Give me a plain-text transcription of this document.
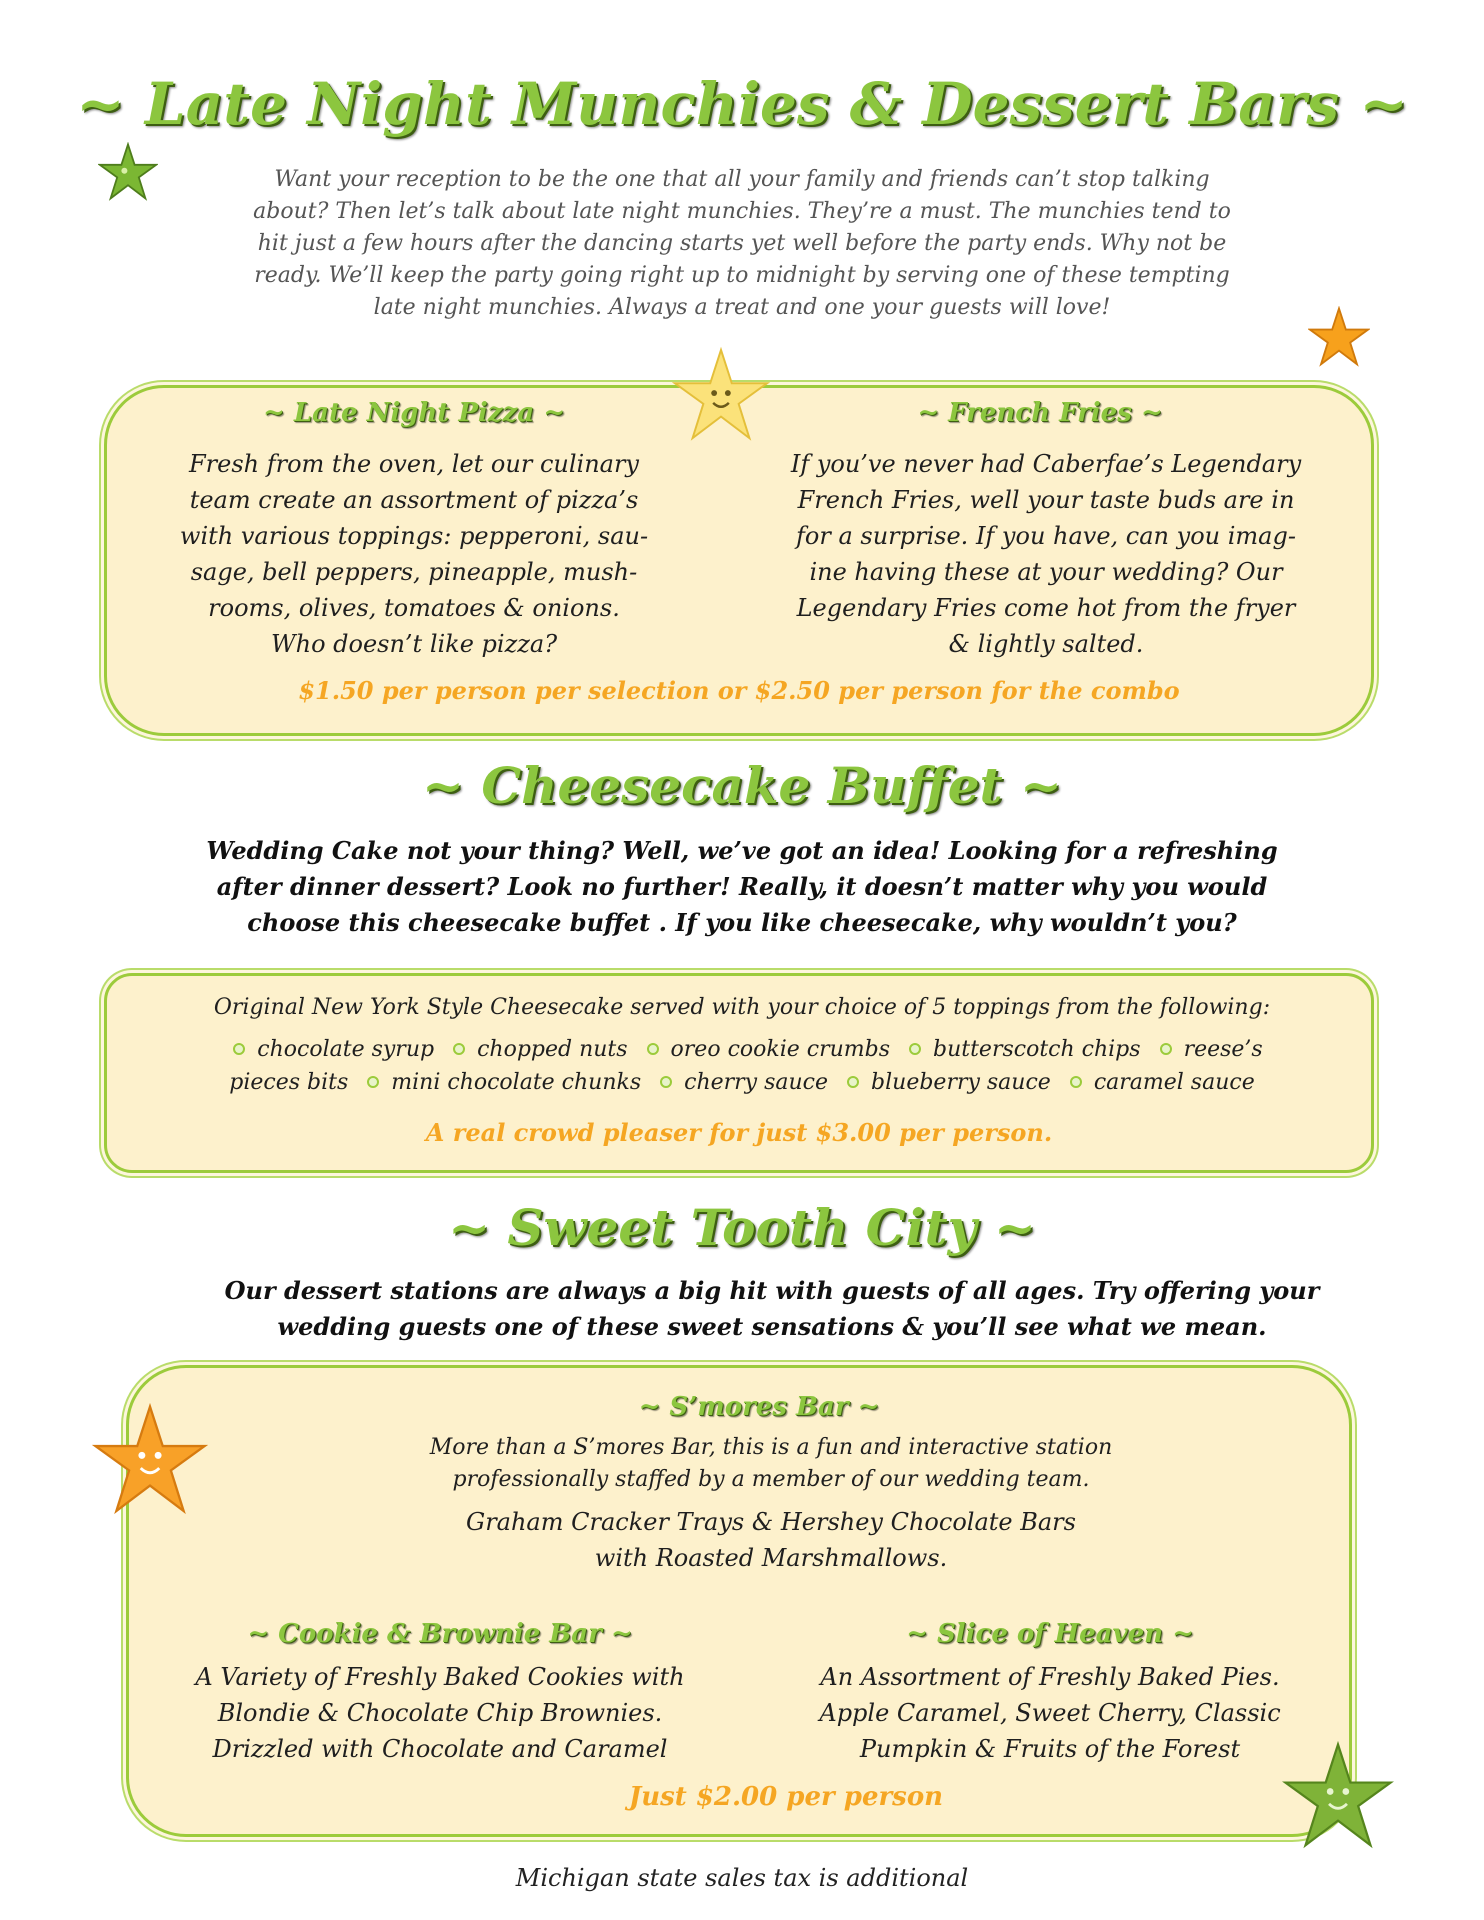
~ Late Night Munchies & Dessert Bars ~
Want your reception to be the one that all your family and friends can’t stop talking
about? Then let’s talk about late night munchies. They’re a must. The munchies tend to
hit just a few hours after the dancing starts yet well before the party ends. Why not be
ready. We’ll keep the party going right up to midnight by serving one of these tempting
late night munchies. Always a treat and one your guests will love!
~ Late Night Pizza ~
Fresh from the oven, let our culinary
team create an assortment of pizza’s
with various toppings: pepperoni, sau-
sage, bell peppers, pineapple, mush-
rooms, olives, tomatoes & onions.
Who doesn’t like pizza?
~ French Fries ~
If you’ve never had Caberfae’s Legendary
French Fries, well your taste buds are in
for a surprise. If you have, can you imag-
ine having these at your wedding? Our
Legendary Fries come hot from the fryer
& lightly salted.
$1.50 per person per selection or $2.50 per person for the combo
~ Cheesecake Buffet ~
Wedding Cake not your thing? Well, we’ve got an idea! Looking for a refreshing
after dinner dessert? Look no further! Really, it doesn’t matter why you would
choose this cheesecake buffet . If you like cheesecake, why wouldn’t you?
Original New York Style Cheesecake served with your choice of 5 toppings from the following:
chocolate syrup chopped nuts oreo cookie crumbs butterscotch chips reese’s
pieces bits mini chocolate chunks cherry sauce blueberry sauce caramel sauce
A real crowd pleaser for just $3.00 per person.
~ Sweet Tooth City ~
Our dessert stations are always a big hit with guests of all ages. Try offering your
wedding guests one of these sweet sensations & you’ll see what we mean.
~ S’mores Bar ~
More than a S’mores Bar, this is a fun and interactive station
professionally staffed by a member of our wedding team.
Graham Cracker Trays & Hershey Chocolate Bars
with Roasted Marshmallows.
~ Cookie & Brownie Bar ~
A Variety of Freshly Baked Cookies with
Blondie & Chocolate Chip Brownies.
Drizzled with Chocolate and Caramel
~ Slice of Heaven ~
An Assortment of Freshly Baked Pies.
Apple Caramel, Sweet Cherry, Classic
Pumpkin & Fruits of the Forest
Just $2.00 per person
Michigan state sales tax is additional
